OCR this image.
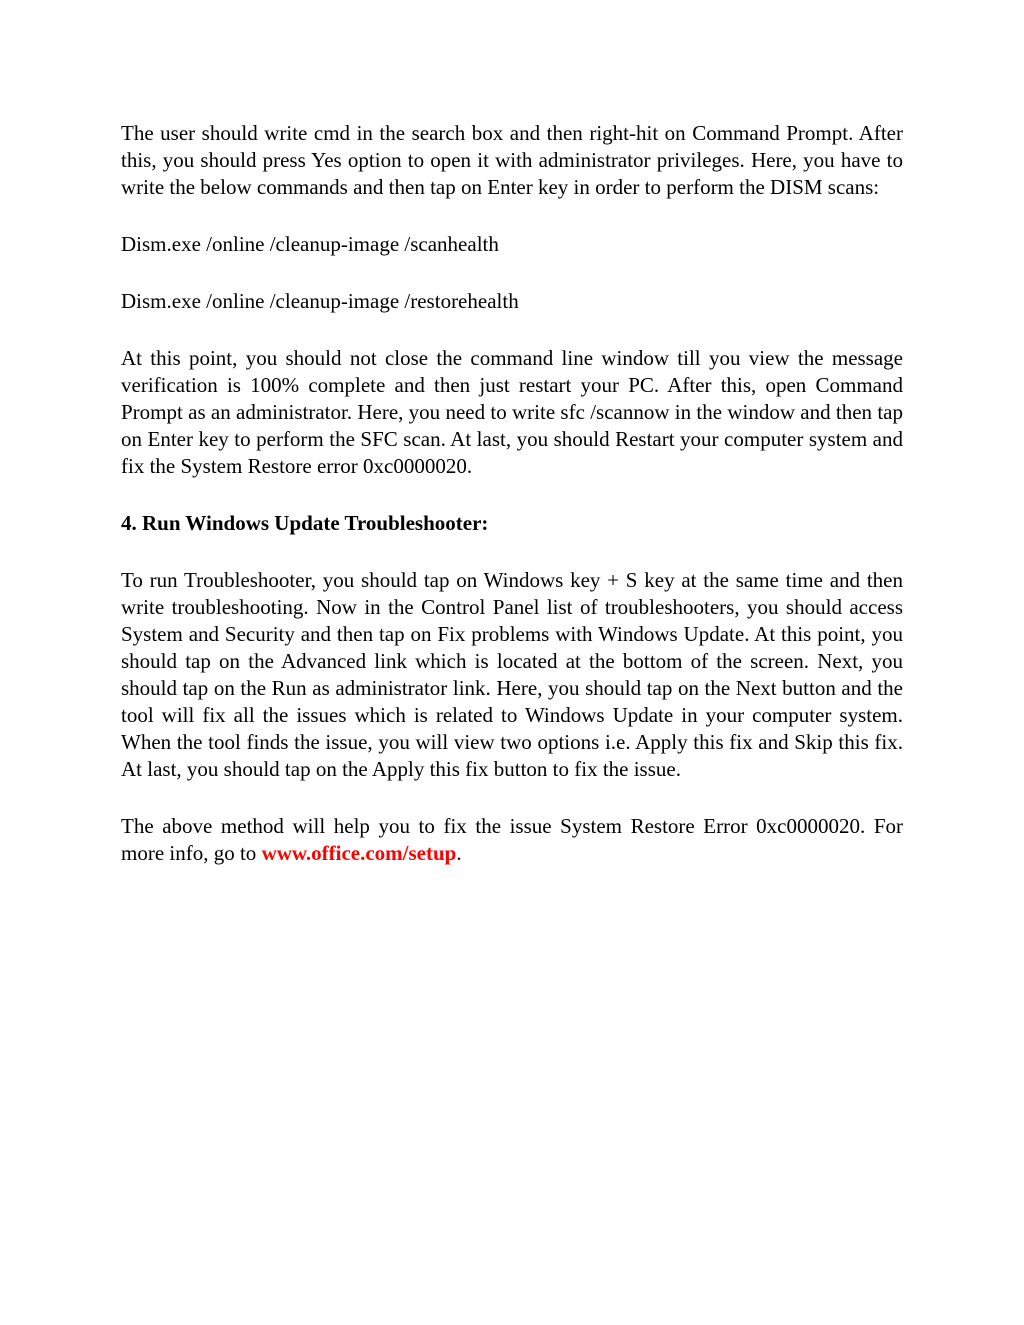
The user should write cmd in the search box and then right-hit on Command Prompt. After this, you should press Yes option to open it with administrator privileges. Here, you have to write the below commands and then tap on Enter key in order to perform the DISM scans:

Dism.exe /online /cleanup-image /scanhealth

Dism.exe /online /cleanup-image /restorehealth

At this point, you should not close the command line window till you view the message verification is 100% complete and then just restart your PC. After this, open Command Prompt as an administrator. Here, you need to write sfc /scannow in the window and then tap on Enter key to perform the SFC scan. At last, you should Restart your computer system and fix the System Restore error 0xc0000020.

4. Run Windows Update Troubleshooter:

To run Troubleshooter, you should tap on Windows key + S key at the same time and then write troubleshooting. Now in the Control Panel list of troubleshooters, you should access System and Security and then tap on Fix problems with Windows Update. At this point, you should tap on the Advanced link which is located at the bottom of the screen. Next, you should tap on the Run as administrator link. Here, you should tap on the Next button and the tool will fix all the issues which is related to Windows Update in your computer system. When the tool finds the issue, you will view two options i.e. Apply this fix and Skip this fix. At last, you should tap on the Apply this fix button to fix the issue.

The above method will help you to fix the issue System Restore Error 0xc0000020. For more info, go to www.office.com/setup.
